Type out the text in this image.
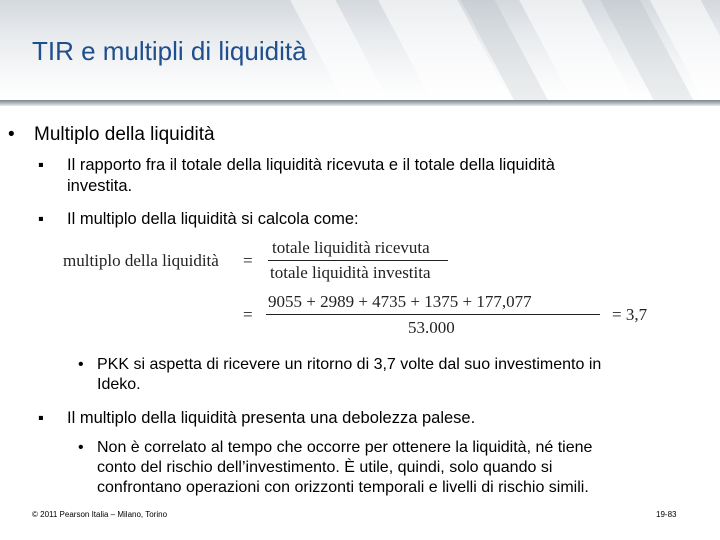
TIR e multipli di liquidità
• Multiplo della liquidità
▪ Il rapporto fra il totale della liquidità ricevuta e il totale della liquidità
investita.
▪ Il multiplo della liquidità si calcola come:
multiplo della liquidità =
totale liquidità ricevuta
totale liquidità investita
=
9055 + 2989 + 4735 + 1375 + 177,077
53.000
= 3,7
• PKK si aspetta di ricevere un ritorno di 3,7 volte dal suo investimento in
Ideko.
▪ Il multiplo della liquidità presenta una debolezza palese.
• Non è correlato al tempo che occorre per ottenere la liquidità, né tiene
conto del rischio dell’investimento. È utile, quindi, solo quando si
confrontano operazioni con orizzonti temporali e livelli di rischio simili.
© 2011 Pearson Italia – Milano, Torino	19-83
